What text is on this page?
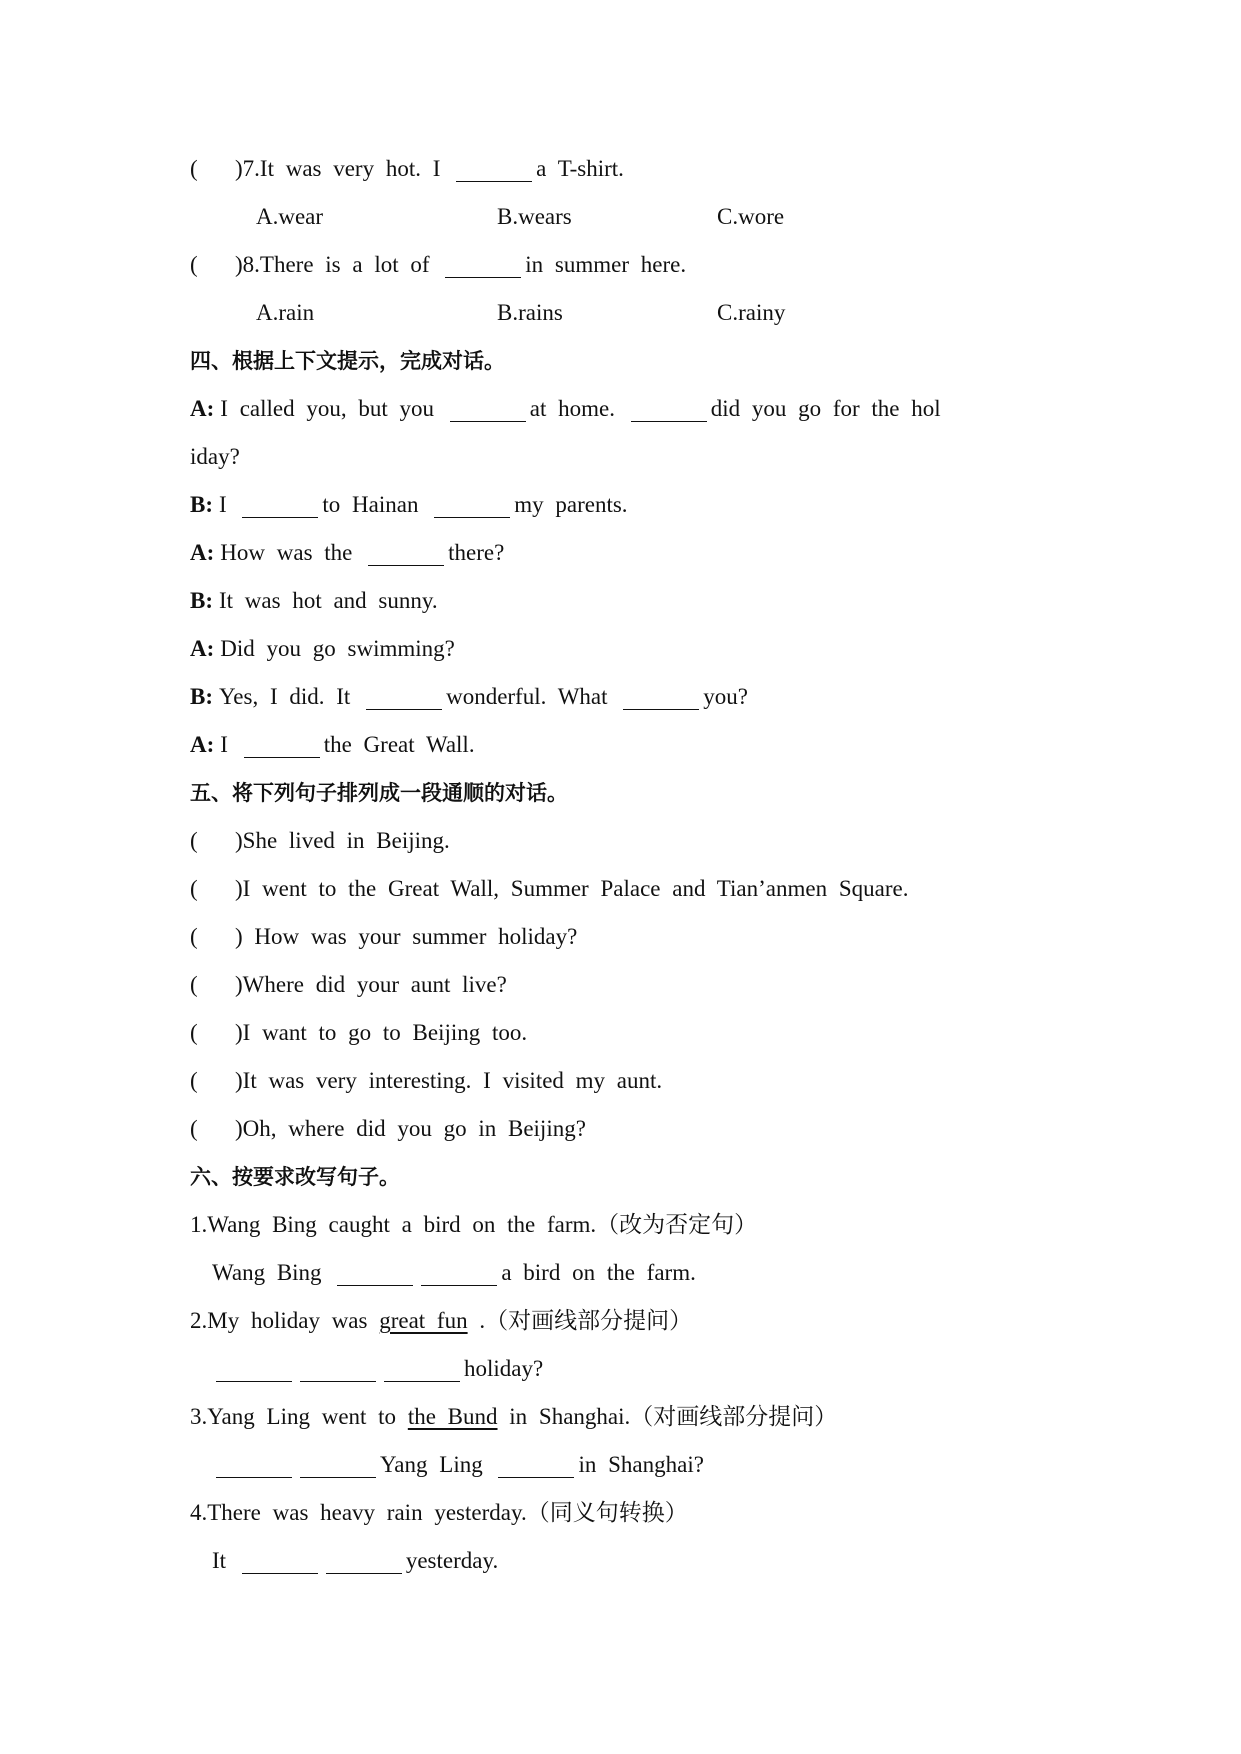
( )7.It was very hot. I	a T-shirt.
A.wear	B.wears	C.wore
( )8.There is a lot of	in summer here.
A.rain	B.rains	C.rainy
四、根据上下文提示，完成对话。
A: I called you, but you	at home.	did you go for the hol
iday?
B: I	to Hainan	my parents.
A: How was the	there?
B: It was hot and sunny.
A: Did you go swimming?
B: Yes, I did. It	wonderful. What	you?
A: I	the Great Wall.
五、将下列句子排列成一段通顺的对话。
( )She lived in Beijing.
( )I went to the Great Wall, Summer Palace and Tian’anmen Square.
( ) How was your summer holiday?
( )Where did your aunt live?
( )I want to go to Beijing too.
( )It was very interesting. I visited my aunt.
( )Oh, where did you go in Beijing?
六、按要求改写句子。
1.Wang Bing caught a bird on the farm.（改为否定句）
Wang Bing	a bird on the farm.
2.My holiday was great fun .（对画线部分提问）
holiday?
3.Yang Ling went to the Bund in Shanghai.（对画线部分提问）
Yang Ling	in Shanghai?
4.There was heavy rain yesterday.（同义句转换）
It	yesterday.
